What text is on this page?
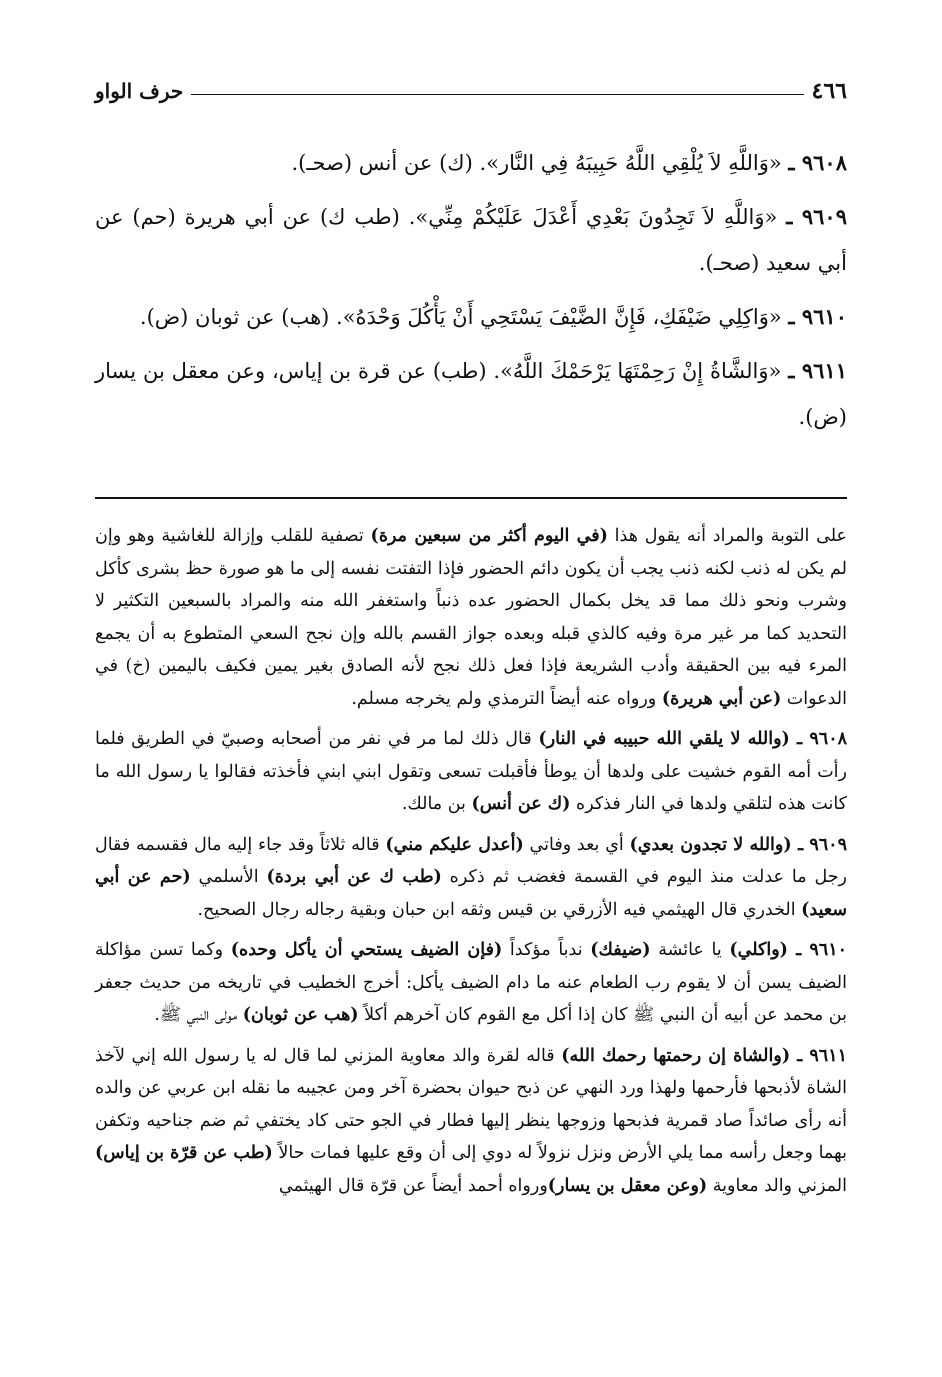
٤٦٦
حرف الواو

٩٦٠٨ ـ «وَاللَّهِ لاَ يُلْقِي اللَّهُ حَبِيبَهُ فِي النَّار». (ك) عن أنس (صحـ).

٩٦٠٩ ـ «وَاللَّهِ لاَ تَجِدُونَ بَعْدِي أَعْدَلَ عَلَيْكُمْ مِنِّي». (طب ك) عن أبي هريرة (حم) عن أبي سعيد (صحـ).

٩٦١٠ ـ «وَاكِلِي ضَيْفَكِ، فَإِنَّ الضَّيْفَ يَسْتَحِي أَنْ يَأْكُلَ وَحْدَهُ». (هب) عن ثوبان (ض).

٩٦١١ ـ «وَالشَّاةُ إِنْ رَحِمْتَهَا يَرْحَمْكَ اللَّهُ». (طب) عن قرة بن إياس، وعن معقل بن يسار (ض).

على التوبة والمراد أنه يقول هذا (في اليوم أكثر من سبعين مرة) تصفية للقلب وإزالة للغاشية وهو وإن لم يكن له ذنب لكنه ذنب يجب أن يكون دائم الحضور فإذا التفتت نفسه إلى ما هو صورة حظ بشرى كأكل وشرب ونحو ذلك مما قد يخل بكمال الحضور عده ذنباً واستغفر الله منه والمراد بالسبعين التكثير لا التحديد كما مر غير مرة وفيه كالذي قبله وبعده جواز القسم بالله وإن نجح السعي المتطوع به أن يجمع المرء فيه بين الحقيقة وأدب الشريعة فإذا فعل ذلك نجح لأنه الصادق بغير يمين فكيف باليمين (خ) في الدعوات (عن أبي هريرة) ورواه عنه أيضاً الترمذي ولم يخرجه مسلم.

٩٦٠٨ ـ (والله لا يلقي الله حبيبه في النار) قال ذلك لما مر في نفر من أصحابه وصبيّ في الطريق فلما رأت أمه القوم خشيت على ولدها أن يوطأ فأقبلت تسعى وتقول ابني ابني فأخذته فقالوا يا رسول الله ما كانت هذه لتلقي ولدها في النار فذكره (ك عن أنس) بن مالك.

٩٦٠٩ ـ (والله لا تجدون بعدي) أي بعد وفاتي (أعدل عليكم مني) قاله ثلاثاً وقد جاء إليه مال فقسمه فقال رجل ما عدلت منذ اليوم في القسمة فغضب ثم ذكره (طب ك عن أبي بردة) الأسلمي (حم عن أبي سعيد) الخدري قال الهيثمي فيه الأزرقي بن قيس وثقه ابن حبان وبقية رجاله رجال الصحيح.

٩٦١٠ ـ (واكلي) يا عائشة (ضيفك) ندباً مؤكداً (فإن الضيف يستحي أن يأكل وحده) وكما تسن مؤاكلة الضيف يسن أن لا يقوم رب الطعام عنه ما دام الضيف يأكل: أخرج الخطيب في تاريخه من حديث جعفر بن محمد عن أبيه أن النبي ﷺ كان إذا أكل مع القوم كان آخرهم أكلاً (هب عن ثوبان) مولى النبي ﷺ.

٩٦١١ ـ (والشاة إن رحمتها رحمك الله) قاله لقرة والد معاوية المزني لما قال له يا رسول الله إني لآخذ الشاة لأذبحها فأرحمها ولهذا ورد النهي عن ذبح حيوان بحضرة آخر ومن عجيبه ما نقله ابن عربي عن والده أنه رأى صائداً صاد قمرية فذبحها وزوجها ينظر إليها فطار في الجو حتى كاد يختفي ثم ضم جناحيه وتكفن بهما وجعل رأسه مما يلي الأرض ونزل نزولاً له دوي إلى أن وقع عليها فمات حالاً (طب عن قرّة بن إياس) المزني والد معاوية (وعن معقل بن يسار)ورواه أحمد أيضاً عن قرّة قال الهيثمي
